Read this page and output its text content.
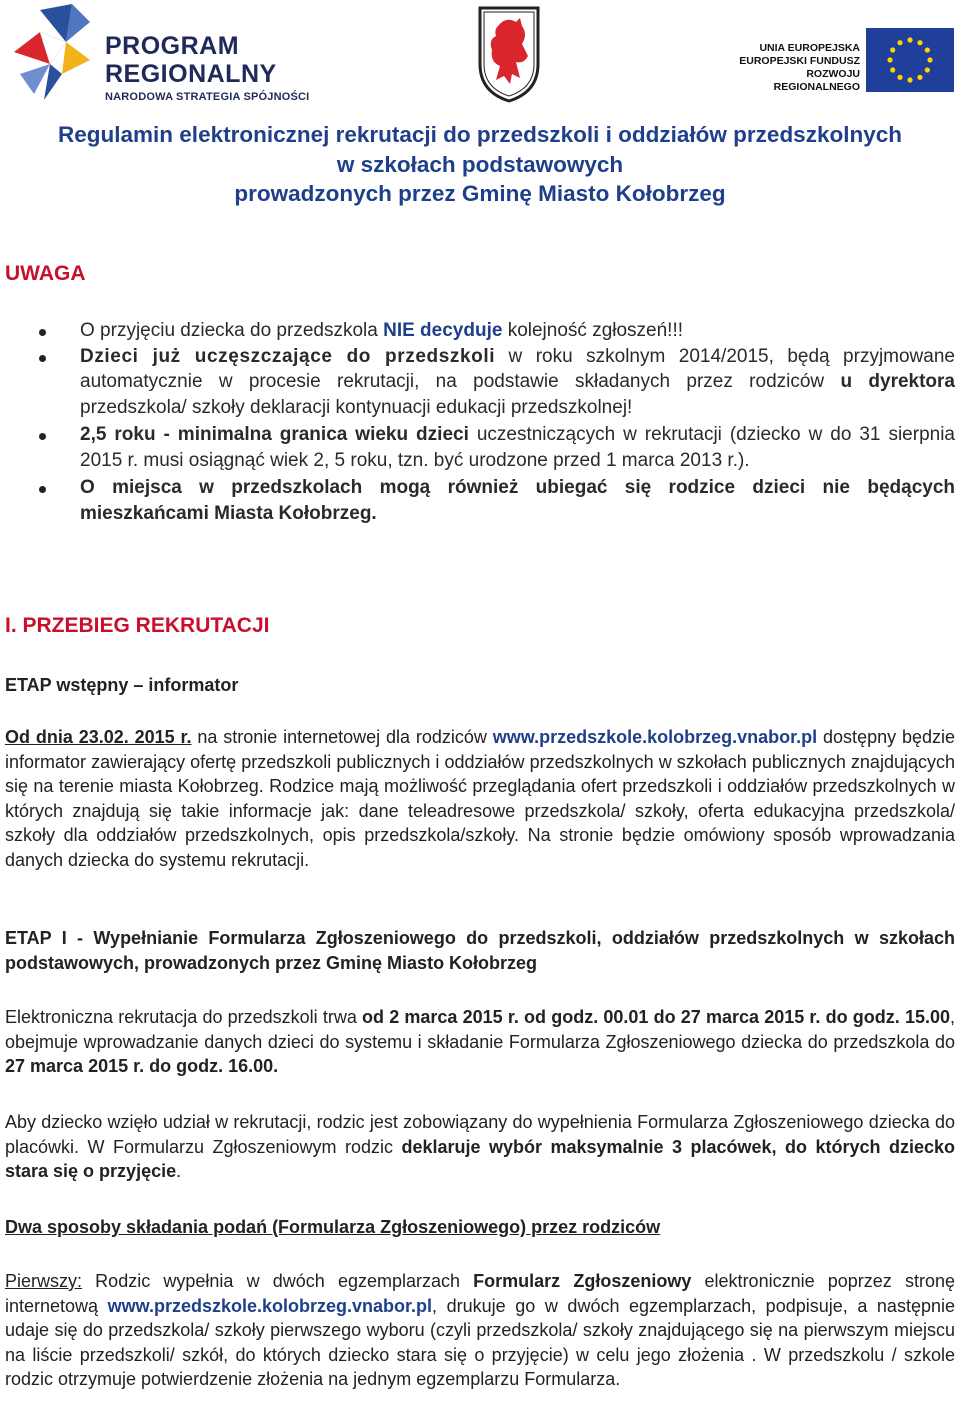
PROGRAM
REGIONALNY
NARODOWA STRATEGIA SPÓJNOŚCI
UNIA EUROPEJSKA
EUROPEJSKI FUNDUSZ
ROZWOJU REGIONALNEGO
Regulamin elektronicznej rekrutacji do przedszkoli i oddziałów przedszkolnych
w szkołach podstawowych
prowadzonych przez Gminę Miasto Kołobrzeg
UWAGA
O przyjęciu dziecka do przedszkola NIE decyduje kolejność zgłoszeń!!!
Dzieci już uczęszczające do przedszkoli w roku szkolnym 2014/2015, będą przyjmowane automatycznie w procesie rekrutacji, na podstawie składanych przez rodziców u dyrektora przedszkola/ szkoły deklaracji kontynuacji edukacji przedszkolnej!
2,5 roku - minimalna granica wieku dzieci uczestniczących w rekrutacji (dziecko w do 31 sierpnia 2015 r. musi osiągnąć wiek 2, 5 roku, tzn. być urodzone przed 1 marca 2013 r.).
O miejsca w przedszkolach mogą również ubiegać się rodzice dzieci nie będących mieszkańcami Miasta Kołobrzeg.
I. PRZEBIEG REKRUTACJI
ETAP wstępny – informator

Od dnia 23.02. 2015 r. na stronie internetowej dla rodziców www.przedszkole.kolobrzeg.vnabor.pl dostępny będzie informator zawierający ofertę przedszkoli publicznych i oddziałów przedszkolnych w szkołach publicznych znajdujących się na terenie miasta Kołobrzeg. Rodzice mają możliwość przeglądania ofert przedszkoli i oddziałów przedszkolnych w których znajdują się takie informacje jak: dane teleadresowe przedszkola/ szkoły, oferta edukacyjna przedszkola/ szkoły dla oddziałów przedszkolnych, opis przedszkola/szkoły. Na stronie będzie omówiony sposób wprowadzania danych dziecka do systemu rekrutacji.

ETAP I - Wypełnianie Formularza Zgłoszeniowego do przedszkoli, oddziałów przedszkolnych w szkołach podstawowych, prowadzonych przez Gminę Miasto Kołobrzeg

Elektroniczna rekrutacja do przedszkoli trwa od 2 marca 2015 r. od godz. 00.01 do 27 marca 2015 r. do godz. 15.00, obejmuje wprowadzanie danych dzieci do systemu i składanie Formularza Zgłoszeniowego dziecka do przedszkola do 27 marca 2015 r. do godz. 16.00.

Aby dziecko wzięło udział w rekrutacji, rodzic jest zobowiązany do wypełnienia Formularza Zgłoszeniowego dziecka do placówki. W Formularzu Zgłoszeniowym rodzic deklaruje wybór maksymalnie 3 placówek, do których dziecko stara się o przyjęcie.

Dwa sposoby składania podań (Formularza Zgłoszeniowego) przez rodziców

Pierwszy: Rodzic wypełnia w dwóch egzemplarzach Formularz Zgłoszeniowy elektronicznie poprzez stronę internetową www.przedszkole.kolobrzeg.vnabor.pl, drukuje go w dwóch egzemplarzach, podpisuje, a następnie udaje się do przedszkola/ szkoły pierwszego wyboru (czyli przedszkola/ szkoły znajdującego się na pierwszym miejscu na liście przedszkoli/ szkół, do których dziecko stara się o przyjęcie) w celu jego złożenia . W przedszkolu / szkole rodzic otrzymuje potwierdzenie złożenia na jednym egzemplarzu Formularza.
